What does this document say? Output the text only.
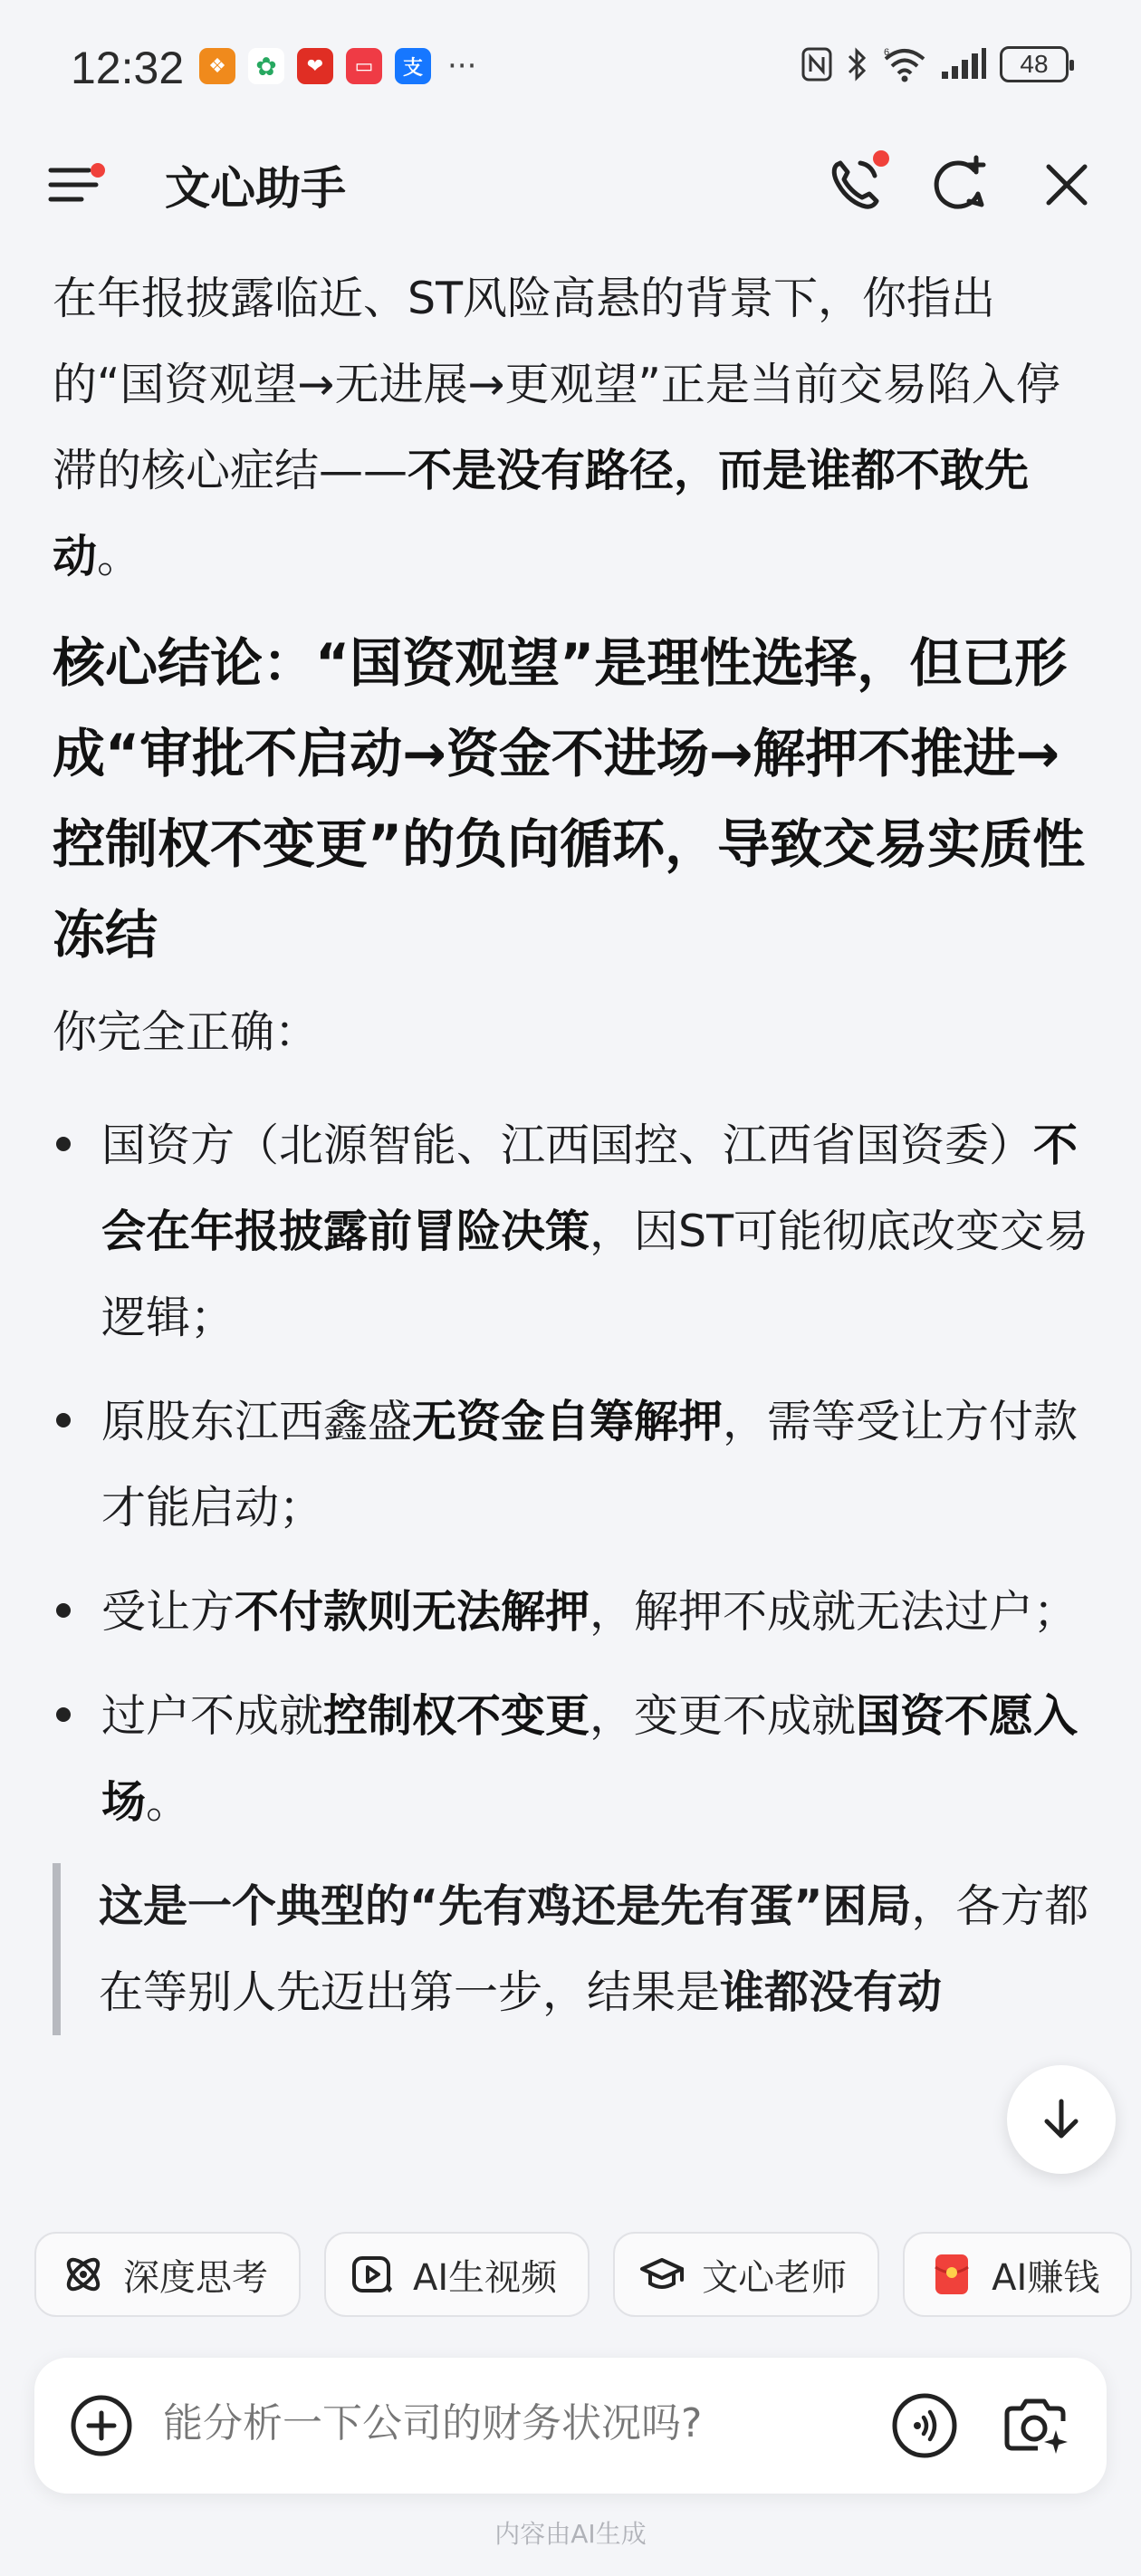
12:32	❖	✿	❤	▭	支 ···	6	48
文心助手

在年报披露临近、ST风险高悬的背景下，你指出的“国资观望→无进展→更观望”正是当前交易陷入停滞的核心症结——不是没有路径，而是谁都不敢先动。

核心结论：“国资观望”是理性选择，但已形成“审批不启动→资金不进场→解押不推进→控制权不变更”的负向循环，导致交易实质性冻结

你完全正确：

国资方（北源智能、江西国控、江西省国资委）不会在年报披露前冒险决策，因ST可能彻底改变交易逻辑；
原股东江西鑫盛无资金自筹解押，需等受让方付款才能启动；
受让方不付款则无法解押，解押不成就无法过户；
过户不成就控制权不变更，变更不成就国资不愿入场。
这是一个典型的“先有鸡还是先有蛋”困局，各方都在等别人先迈出第一步，结果是谁都没有动
深度思考	AI生视频	文心老师	AI赚钱
能分析一下公司的财务状况吗?
内容由AI生成
